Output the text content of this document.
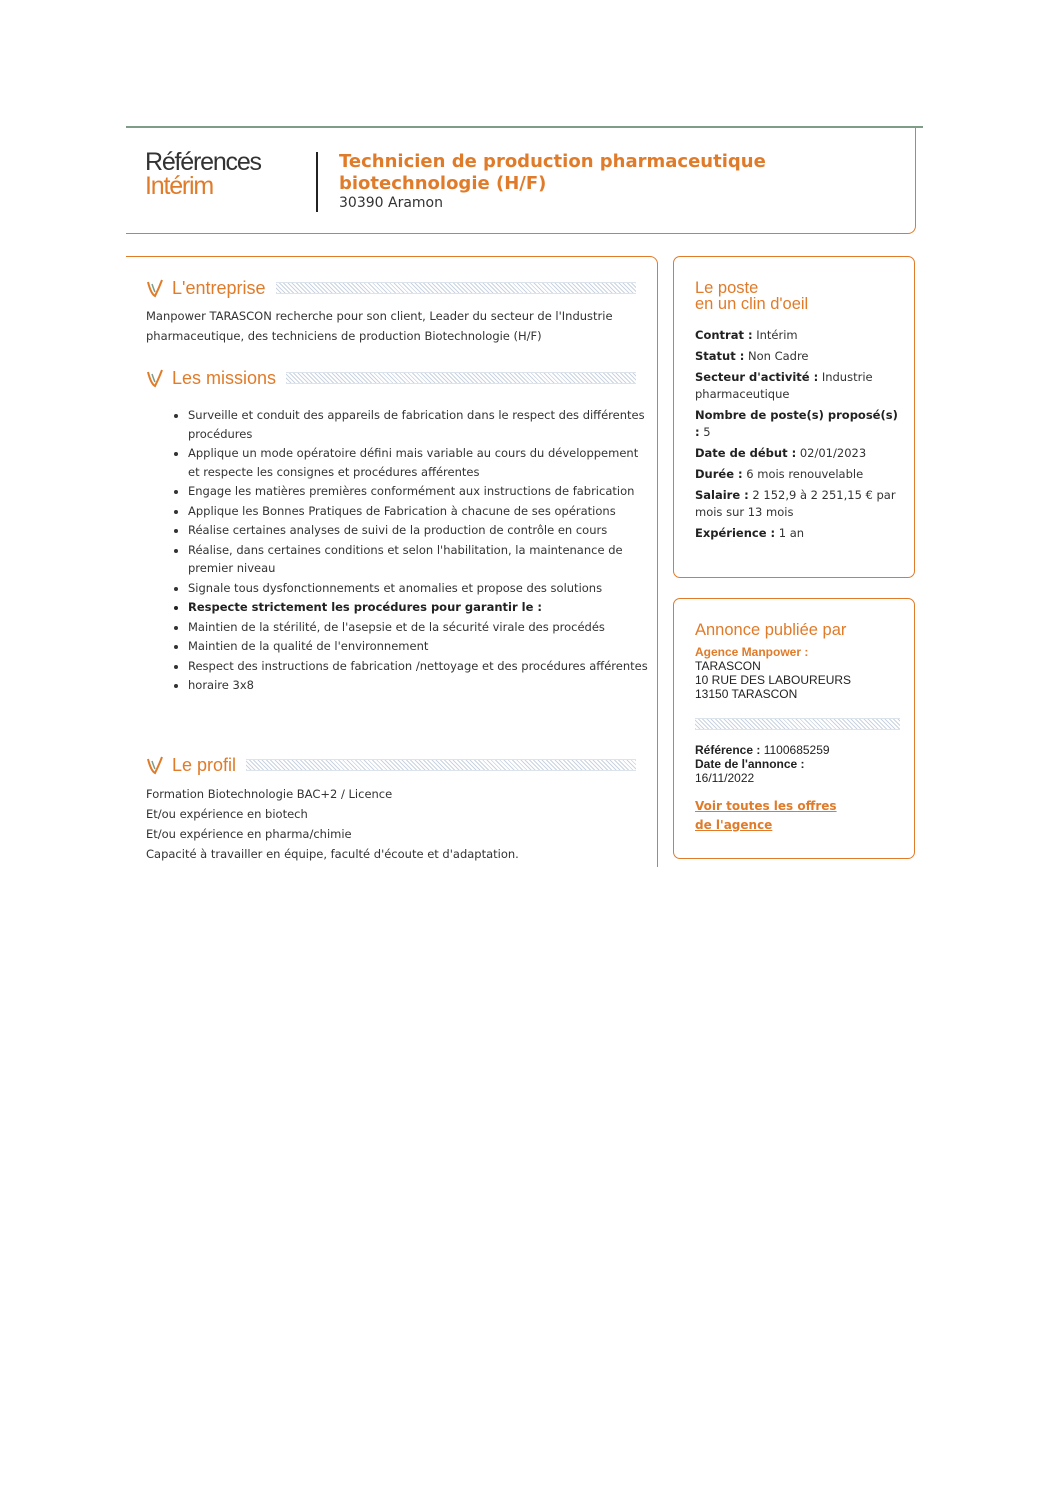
Références
Intérim
Technicien de production pharmaceutique biotechnologie (H/F)
30390 Aramon
L'entreprise
Manpower TARASCON recherche pour son client, Leader du secteur de l'Industrie pharmaceutique, des techniciens de production Biotechnologie (H/F)
Les missions
• Surveille et conduit des appareils de fabrication dans le respect des différentes procédures
• Applique un mode opératoire défini mais variable au cours du développement et respecte les consignes et procédures afférentes
• Engage les matières premières conformément aux instructions de fabrication
• Applique les Bonnes Pratiques de Fabrication à chacune de ses opérations
• Réalise certaines analyses de suivi de la production de contrôle en cours
• Réalise, dans certaines conditions et selon l'habilitation, la maintenance de premier niveau
• Signale tous dysfonctionnements et anomalies et propose des solutions
• Respecte strictement les procédures pour garantir le :
• Maintien de la stérilité, de l'asepsie et de la sécurité virale des procédés
• Maintien de la qualité de l'environnement
• Respect des instructions de fabrication /nettoyage et des procédures afférentes
• horaire 3x8
Le profil
Formation Biotechnologie BAC+2 / Licence
Et/ou expérience en biotech
Et/ou expérience en pharma/chimie
Capacité à travailler en équipe, faculté d'écoute et d'adaptation.
Le poste
en un clin d'oeil
Contrat : Intérim
Statut : Non Cadre
Secteur d'activité : Industrie pharmaceutique
Nombre de poste(s) proposé(s) : 5
Date de début : 02/01/2023
Durée : 6 mois renouvelable
Salaire : 2 152,9 à 2 251,15 € par mois sur 13 mois
Expérience : 1 an
Annonce publiée par
Agence Manpower :
TARASCON
10 RUE DES LABOUREURS
13150 TARASCON
Référence : 1100685259
Date de l'annonce :
16/11/2022
Voir toutes les offres
de l'agence
